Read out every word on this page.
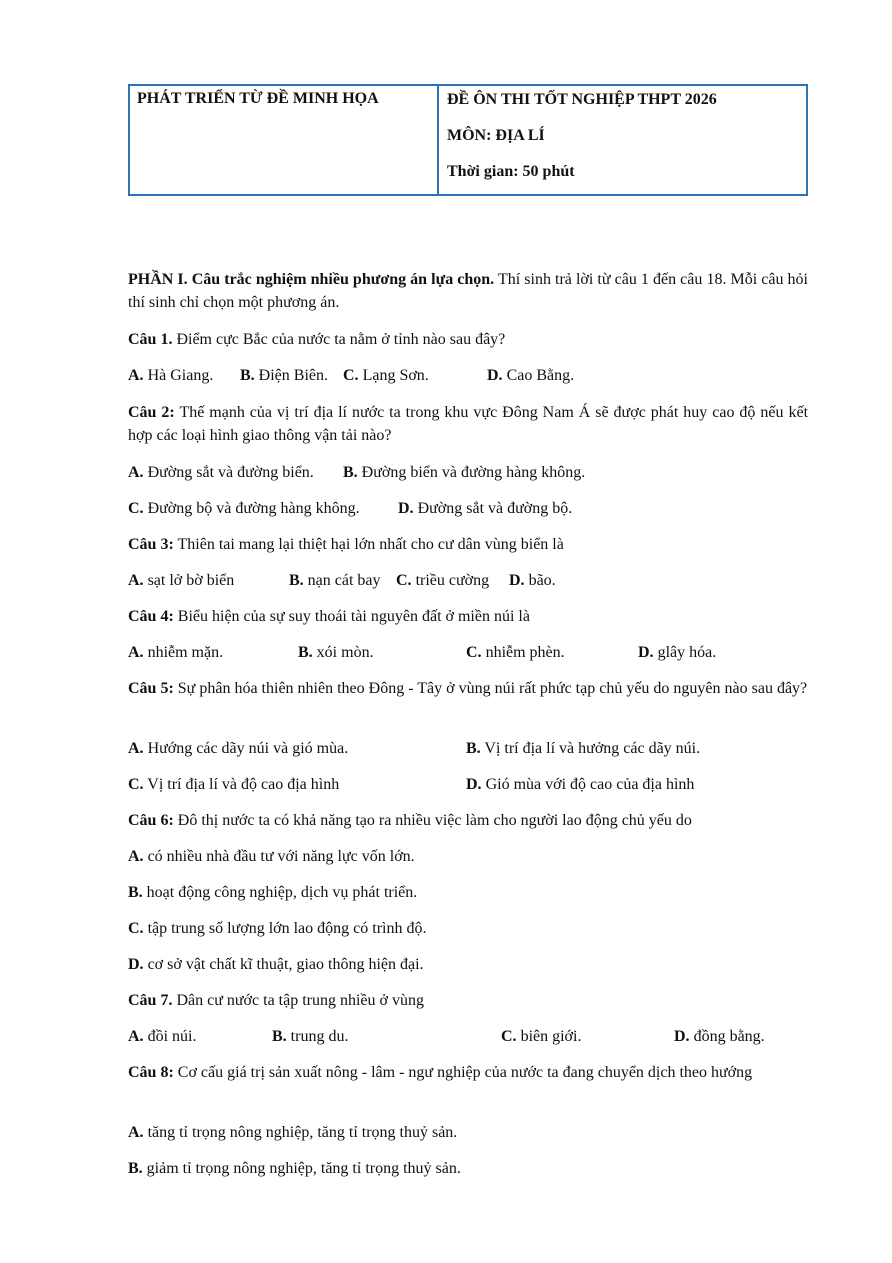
PHÁT TRIỂN TỪ ĐỀ MINH HỌA	ĐỀ ÔN THI TỐT NGHIỆP THPT 2026
MÔN: ĐỊA LÍ
Thời gian: 50 phút
PHẦN I. Câu trắc nghiệm nhiều phương án lựa chọn. Thí sinh trả lời từ câu 1 đến câu 18. Mỗi câu hỏi thí sinh chỉ chọn một phương án.
Câu 1. Điểm cực Bắc của nước ta nằm ở tỉnh nào sau đây?
A. Hà Giang. B. Điện Biên. C. Lạng Sơn.	D. Cao Bằng.
Câu 2: Thế mạnh của vị trí địa lí nước ta trong khu vực Đông Nam Á sẽ được phát huy cao độ nếu kết hợp các loại hình giao thông vận tải nào?
A. Đường sắt và đường biển. B. Đường biển và đường hàng không.
C. Đường bộ và đường hàng không. D. Đường sắt và đường bộ.
Câu 3: Thiên tai mang lại thiệt hại lớn nhất cho cư dân vùng biển là
A. sạt lở bờ biển	B. nạn cát bay C. triều cường D. bão.
Câu 4: Biểu hiện của sự suy thoái tài nguyên đất ở miền núi là
A. nhiễm mặn.	B. xói mòn.	C. nhiễm phèn.	D. glây hóa.
Câu 5: Sự phân hóa thiên nhiên theo Đông - Tây ở vùng núi rất phức tạp chủ yếu do nguyên nào sau đây?
A. Hướng các dãy núi và gió mùa.	B. Vị trí địa lí và hưởng các dãy núi.
C. Vị trí địa lí và độ cao địa hình	D. Gió mùa với độ cao của địa hình
Câu 6: Đô thị nước ta có khả năng tạo ra nhiều việc làm cho người lao động chủ yếu do
A. có nhiều nhà đầu tư với năng lực vốn lớn.
B. hoạt động công nghiệp, dịch vụ phát triển.
C. tập trung số lượng lớn lao động có trình độ.
D. cơ sở vật chất kĩ thuật, giao thông hiện đại.
Câu 7. Dân cư nước ta tập trung nhiều ở vùng
A. đồi núi.	B. trung du.	C. biên giới.	D. đồng bằng.
Câu 8: Cơ cấu giá trị sản xuất nông - lâm - ngư nghiệp của nước ta đang chuyển dịch theo hướng
A. tăng tỉ trọng nông nghiệp, tăng tỉ trọng thuỷ sản.
B. giảm tỉ trọng nông nghiệp, tăng tỉ trọng thuỷ sản.
